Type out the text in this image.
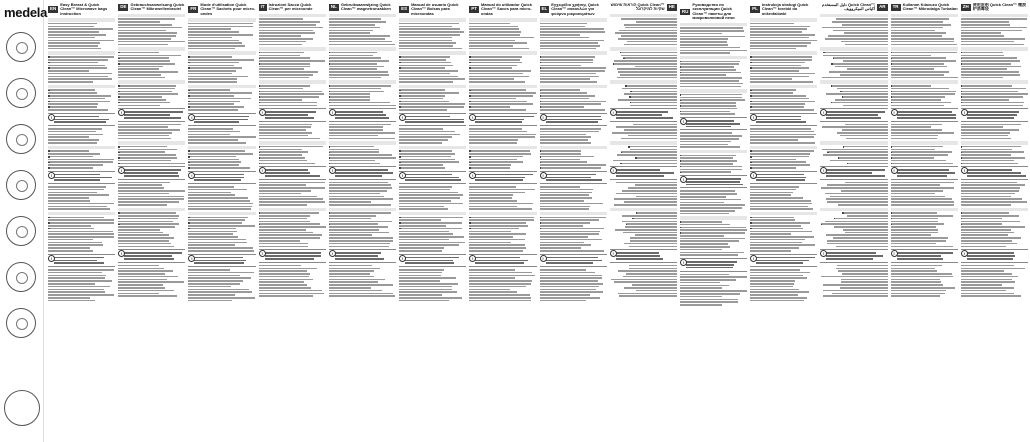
medela EN
Easy Breast & Quick Clean™ Microwave bags Instruction
!
!
!
DE	Gebrauchsanweisung Quick Clean™ Mikrowellenbeutel
!
!
!	FR
Mode d'utilisation Quick Clean™ Sachets pour micro-ondes
!
!
!
IT	Istruzioni Sacca Quick Clean™ per microonde
!
!
!	NL	Gebruiksaanwijzing Quick Clean™ magnetronzakken
!
!
!	ES
Manual de usuario Quick Clean™ Bolsas para microondas
!
!
!
PT
Manual do utilizador Quick Clean™ Sacos para micro-ondas
!
!
!
EL
Εγχειρίδιο χρήσης Quick Clean™ σακουλών για φούρνο μικροκυμάτων
!
!
!
HE
הוראות שימוש Quick Clean™ שקיות למיקרוגל
!
!
!	RU
Руководство по эксплуатации Quick Clean™ пакеты для микроволновой печи
!
!
!
PL
Instrukcja obsługi Quick Clean™ torebki do mikrofalówki
!
!
!
AR
دليل المستخدم Quick Clean™ أكياس الميكروويف
!
!
!	TR	Kullanım Kılavuzu Quick Clean™ Mikrodalga Torbaları
!
!
!	ZH	使用说明 Quick Clean™ 微波炉消毒袋
!
!
!
